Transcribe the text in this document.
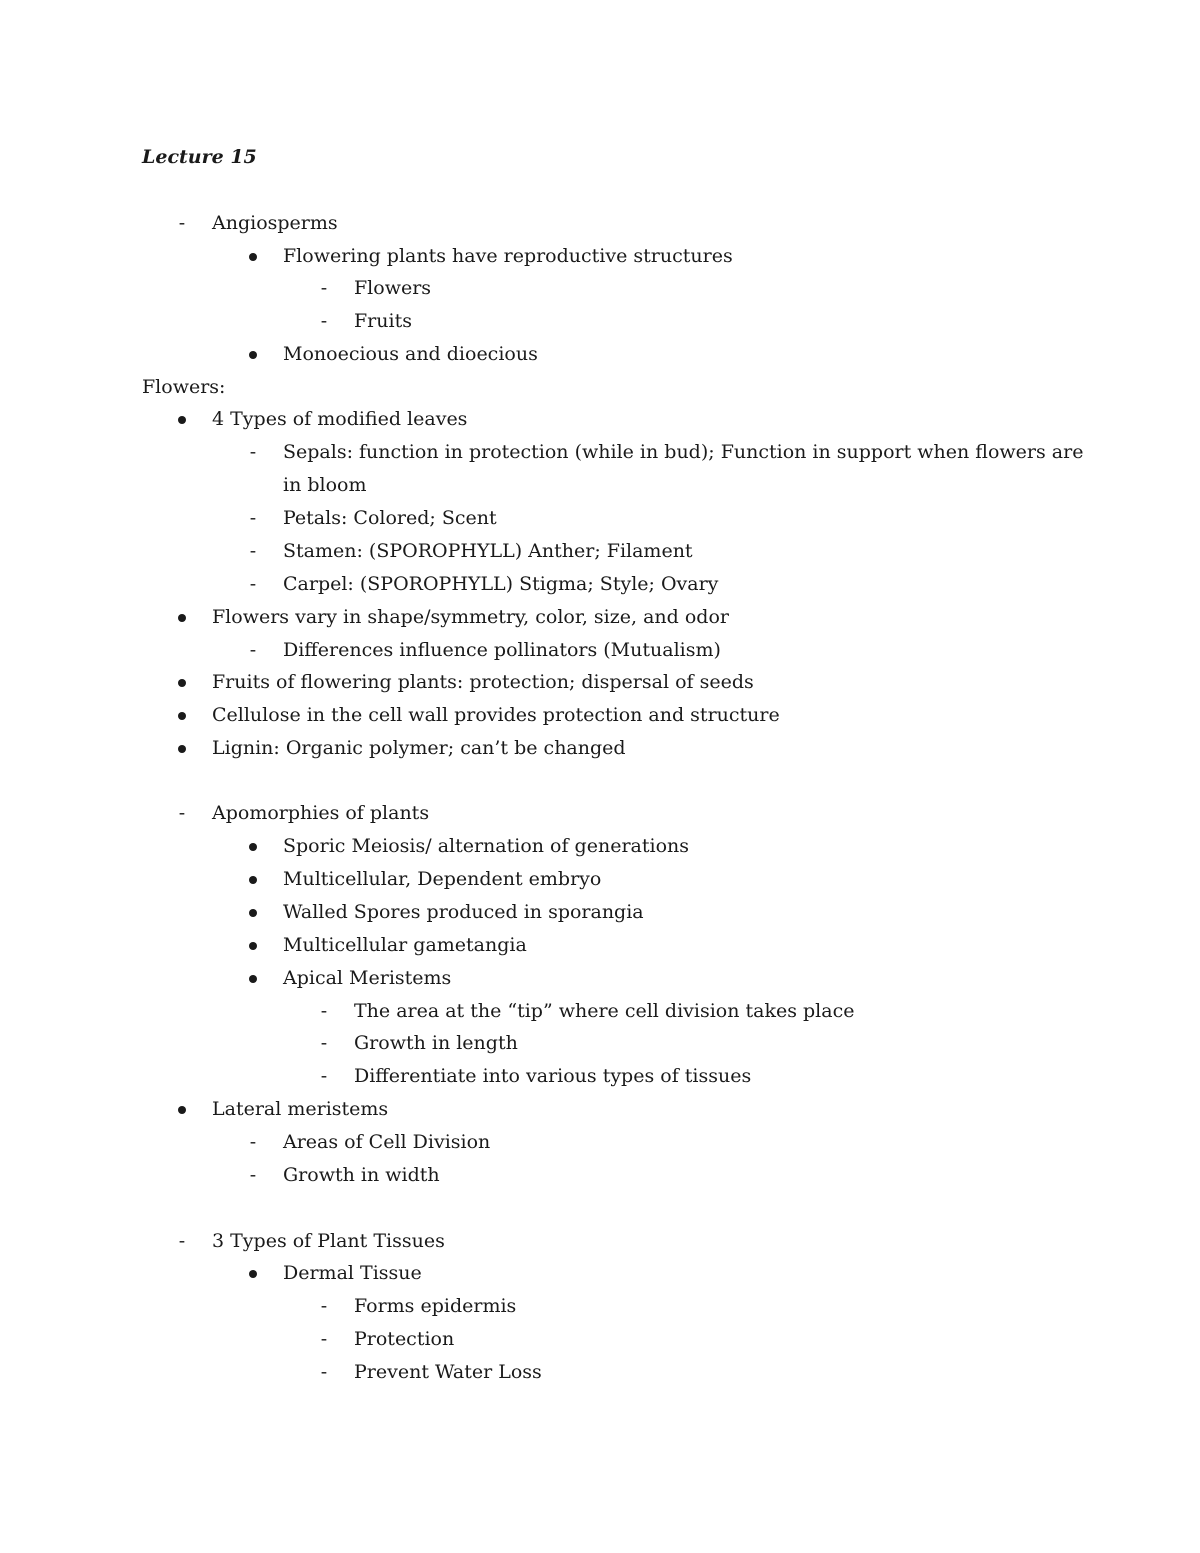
Lecture 15
-	Angiosperms
Flowering plants have reproductive structures
-	Flowers
-	Fruits
Monoecious and dioecious
Flowers:
4 Types of modified leaves
-	Sepals: function in protection (while in bud); Function in support when flowers are
in bloom
-	Petals: Colored; Scent
-	Stamen: (SPOROPHYLL) Anther; Filament
-	Carpel: (SPOROPHYLL) Stigma; Style; Ovary
Flowers vary in shape/symmetry, color, size, and odor
-	Differences influence pollinators (Mutualism)
Fruits of flowering plants: protection; dispersal of seeds
Cellulose in the cell wall provides protection and structure
Lignin: Organic polymer; can’t be changed
-	Apomorphies of plants
Sporic Meiosis/ alternation of generations
Multicellular, Dependent embryo
Walled Spores produced in sporangia
Multicellular gametangia
Apical Meristems
-	The area at the “tip” where cell division takes place
-	Growth in length
-	Differentiate into various types of tissues
Lateral meristems
-	Areas of Cell Division
-	Growth in width
-	3 Types of Plant Tissues
Dermal Tissue
-	Forms epidermis
-	Protection
-	Prevent Water Loss
